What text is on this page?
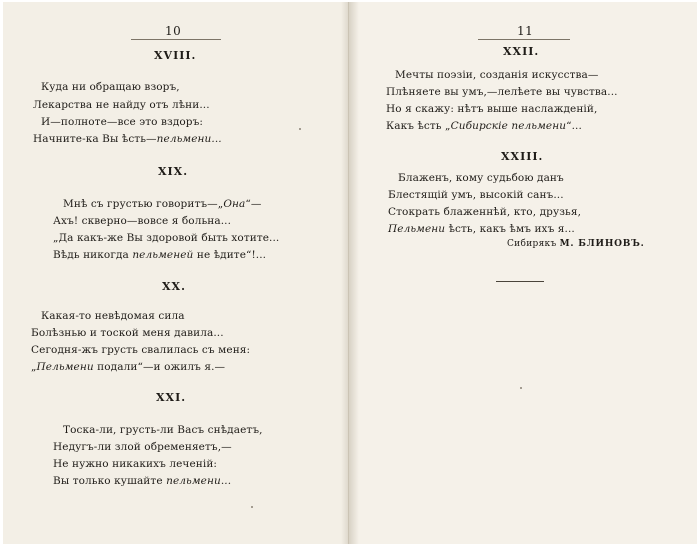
10
XVIII.
Куда ни обращаю взоръ,
Лекарства не найду отъ лѣни...
И—полноте—все это вздоръ:
Начните-ка Вы ѣсть—пельмени...
XIX.
Мнѣ съ грустью говоритъ—„Она“—
Ахъ! скверно—вовсе я больна...
„Да какъ-же Вы здоровой быть хотите...
Вѣдь никогда пельменей не ѣдите“!...
XX.
Какая-то невѣдомая сила
Болѣзнью и тоской меня давила...
Сегодня-жъ грусть свалилась съ меня:
„Пельмени подали“—и ожилъ я.—
XXI.
Тоска-ли, грусть-ли Васъ снѣдаетъ,
Недугъ-ли злой обременяетъ,—
Не нужно никакихъ леченій:
Вы только кушайте пельмени...
11
XXII.
Мечты поэзіи, созданія искусства—
Плѣняете вы умъ,—лелѣете вы чувства...
Но я скажу: нѣтъ выше наслажденій,
Какъ ѣсть „Сибирскіе пельмени“...
XXIII.
Блаженъ, кому судьбою данъ
Блестящій умъ, высокій санъ...
Стократь блаженнѣй, кто, друзья,
Пельмени ѣсть, какъ ѣмъ ихъ я...
Сибирякъ М. БЛИНОВЪ.
